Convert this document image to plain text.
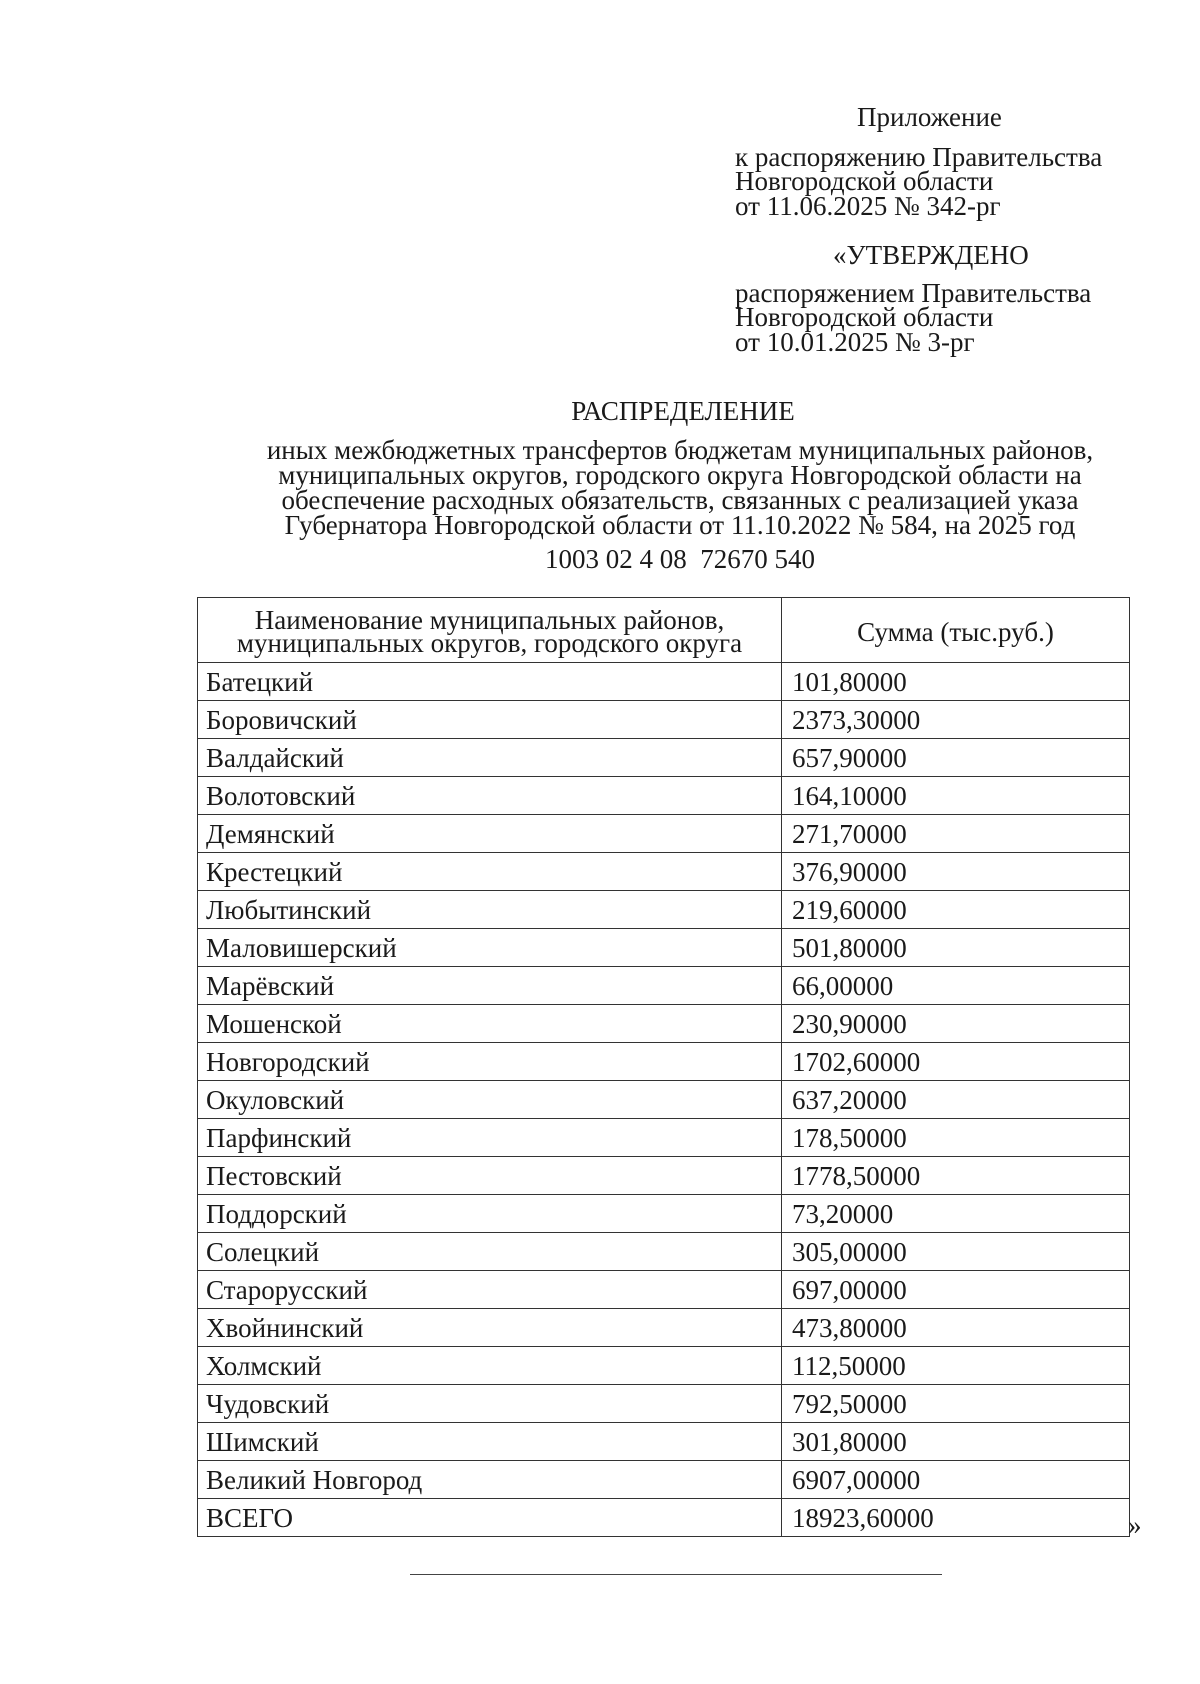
Приложение
к распоряжению Правительства
Новгородской области
от 11.06.2025 № 342-рг
«УТВЕРЖДЕНО
распоряжением Правительства
Новгородской области
от 10.01.2025 № 3-рг
РАСПРЕДЕЛЕНИЕ
иных межбюджетных трансфертов бюджетам муниципальных районов,
муниципальных округов, городского округа Новгородской области на
обеспечение расходных обязательств, связанных с реализацией указа
Губернатора Новгородской области от 11.10.2022 № 584, на 2025 год
1003 02 4 08  72670 540
Наименование муниципальных районов,
муниципальных округов, городского округа	Сумма (тыс.руб.)
Батецкий	101,80000
Боровичский	2373,30000
Валдайский	657,90000
Волотовский	164,10000
Демянский	271,70000
Крестецкий	376,90000
Любытинский	219,60000
Маловишерский	501,80000
Марёвский	66,00000
Мошенской	230,90000
Новгородский	1702,60000
Окуловский	637,20000
Парфинский	178,50000
Пестовский	1778,50000
Поддорский	73,20000
Солецкий	305,00000
Старорусский	697,00000
Хвойнинский	473,80000
Холмский	112,50000
Чудовский	792,50000
Шимский	301,80000
Великий Новгород	6907,00000
ВСЕГО	18923,60000	»
